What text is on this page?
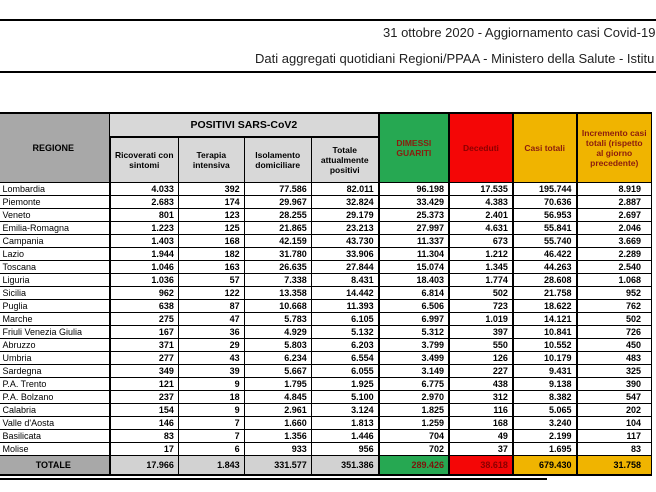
31 ottobre 2020 - Aggiornamento casi Covid-19
Dati aggregati quotidiani Regioni/PPAA - Ministero della Salute - Istitu
REGIONE	POSITIVI SARS-CoV2				DIMESSI GUARITI	Deceduti	Casi totali	Incremento casi totali (rispetto al giorno precedente)
	Ricoverati con sintomi	Terapia intensiva	Isolamento domiciliare	Totale attualmente positivi				
Lombardia	4.033	392	77.586	82.011	96.198	17.535	195.744	8.919
Piemonte	2.683	174	29.967	32.824	33.429	4.383	70.636	2.887
Veneto	801	123	28.255	29.179	25.373	2.401	56.953	2.697
Emilia-Romagna	1.223	125	21.865	23.213	27.997	4.631	55.841	2.046
Campania	1.403	168	42.159	43.730	11.337	673	55.740	3.669
Lazio	1.944	182	31.780	33.906	11.304	1.212	46.422	2.289
Toscana	1.046	163	26.635	27.844	15.074	1.345	44.263	2.540
Liguria	1.036	57	7.338	8.431	18.403	1.774	28.608	1.068
Sicilia	962	122	13.358	14.442	6.814	502	21.758	952
Puglia	638	87	10.668	11.393	6.506	723	18.622	762
Marche	275	47	5.783	6.105	6.997	1.019	14.121	502
Friuli Venezia Giulia	167	36	4.929	5.132	5.312	397	10.841	726
Abruzzo	371	29	5.803	6.203	3.799	550	10.552	450
Umbria	277	43	6.234	6.554	3.499	126	10.179	483
Sardegna	349	39	5.667	6.055	3.149	227	9.431	325
P.A. Trento	121	9	1.795	1.925	6.775	438	9.138	390
P.A. Bolzano	237	18	4.845	5.100	2.970	312	8.382	547
Calabria	154	9	2.961	3.124	1.825	116	5.065	202
Valle d'Aosta	146	7	1.660	1.813	1.259	168	3.240	104
Basilicata	83	7	1.356	1.446	704	49	2.199	117
Molise	17	6	933	956	702	37	1.695	83
TOTALE	17.966	1.843	331.577	351.386	289.426	38.618	679.430	31.758
